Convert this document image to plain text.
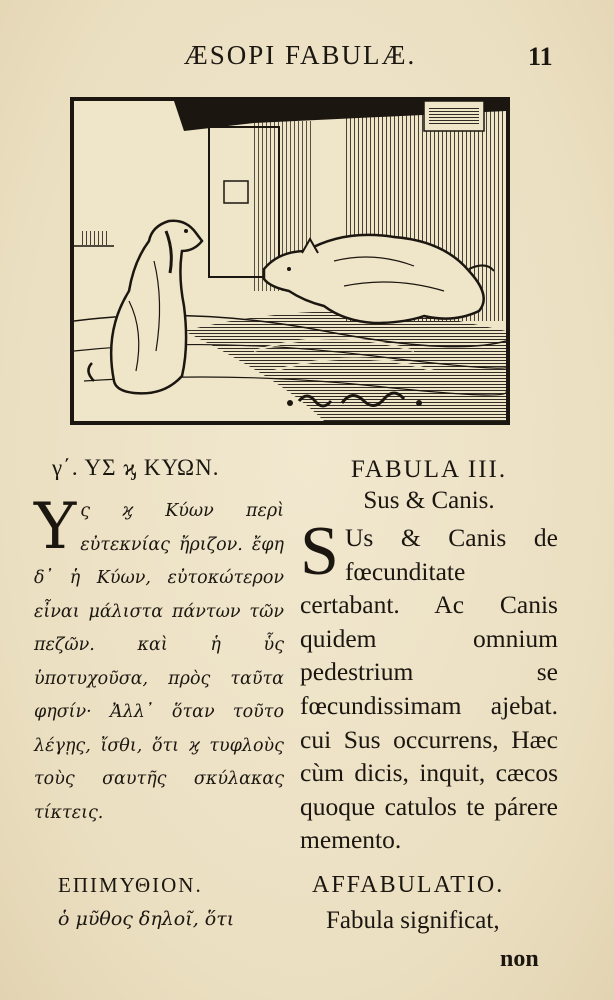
ÆSOPI FABULÆ.	11
γ΄. ΥΣ ϗ ΚΥΩΝ.
Υ ς ϗ Κύων περὶ εὐτεκνίας ἤριζον. ἔφη δ᾽ ἡ Κύων, εὐτοκώτερον εἶναι μάλιστα πάντων τῶν πεζῶν. καὶ ἡ ὗς ὑποτυχοῦσα, πρὸς ταῦτα φησίν· Ἀλλ᾽ ὅταν τοῦτο λέγῃς, ἴσθι, ὅτι ϗ τυφλοὺς τοὺς σαυτῆς σκύλακας τίκτεις.
ΕΠΙΜΥΘΙΟΝ.
ὁ μῦθος δηλοῖ, ὅτι
FABULA III.
Sus & Canis.
S Us & Canis de fœcunditate certabant. Ac Canis quidem omnium pedestrium se fœcundissimam ajebat. cui Sus occurrens, Hæc cùm dicis, inquit, cæcos quoque catulos te párere memento.
AFFABULATIO.
Fabula significat,
non
